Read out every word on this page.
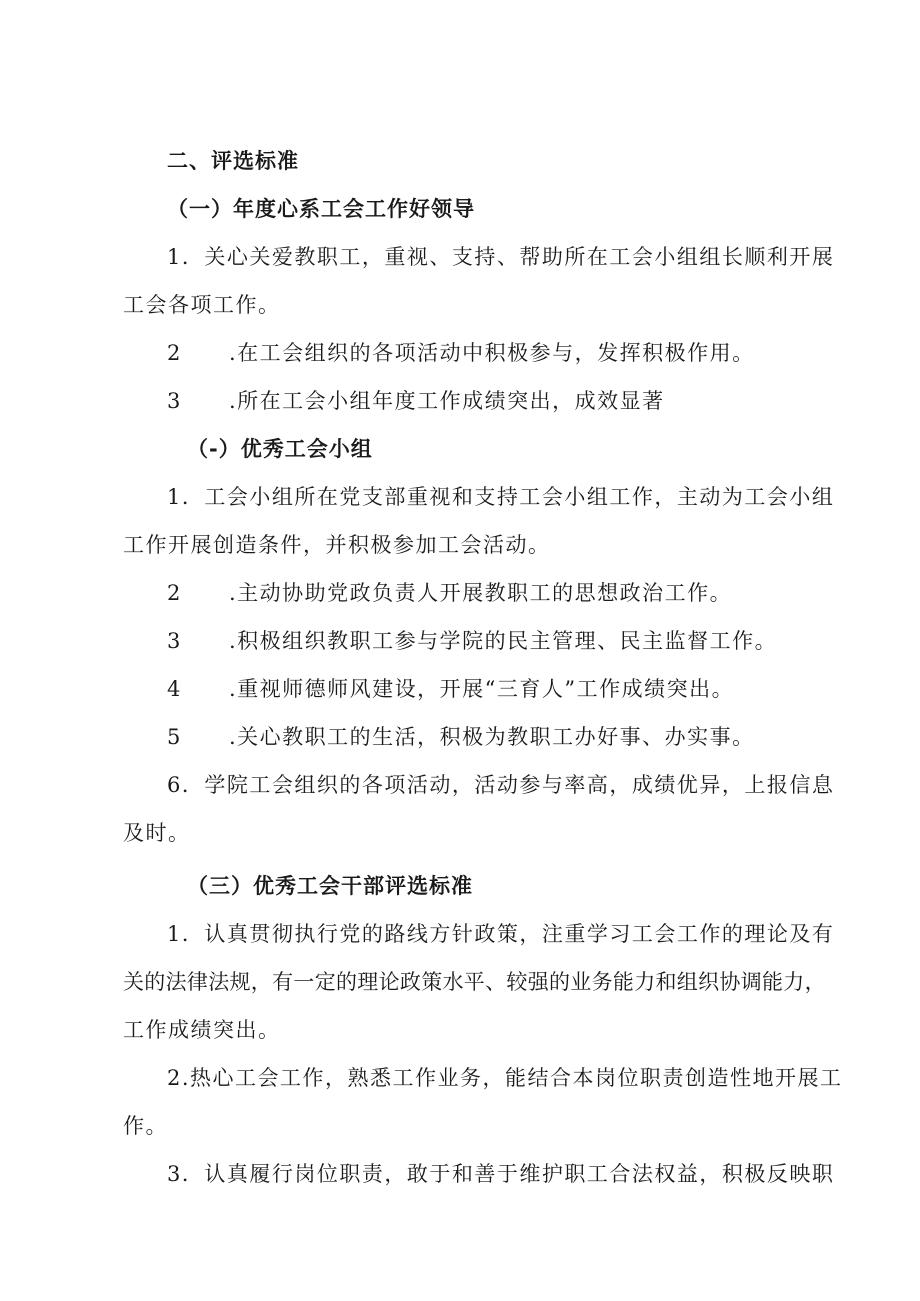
二、评选标准
（一）年度心系工会工作好领导
1．关心关爱教职工，重视、支持、帮助所在工会小组组长顺利开展
工会各项工作。
2 .在工会组织的各项活动中积极参与，发挥积极作用。
3 .所在工会小组年度工作成绩突出，成效显著
（-）优秀工会小组
1．工会小组所在党支部重视和支持工会小组工作，主动为工会小组
工作开展创造条件，并积极参加工会活动。
2 .主动协助党政负责人开展教职工的思想政治工作。
3 .积极组织教职工参与学院的民主管理、民主监督工作。
4 .重视师德师风建设，开展“三育人”工作成绩突出。
5 .关心教职工的生活，积极为教职工办好事、办实事。
6．学院工会组织的各项活动，活动参与率高，成绩优异，上报信息
及时。
（三）优秀工会干部评选标准
1．认真贯彻执行党的路线方针政策，注重学习工会工作的理论及有
关的法律法规，有一定的理论政策水平、较强的业务能力和组织协调能力，
工作成绩突出。
2.热心工会工作，熟悉工作业务，能结合本岗位职责创造性地开展工
作。
3．认真履行岗位职责，敢于和善于维护职工合法权益，积极反映职
